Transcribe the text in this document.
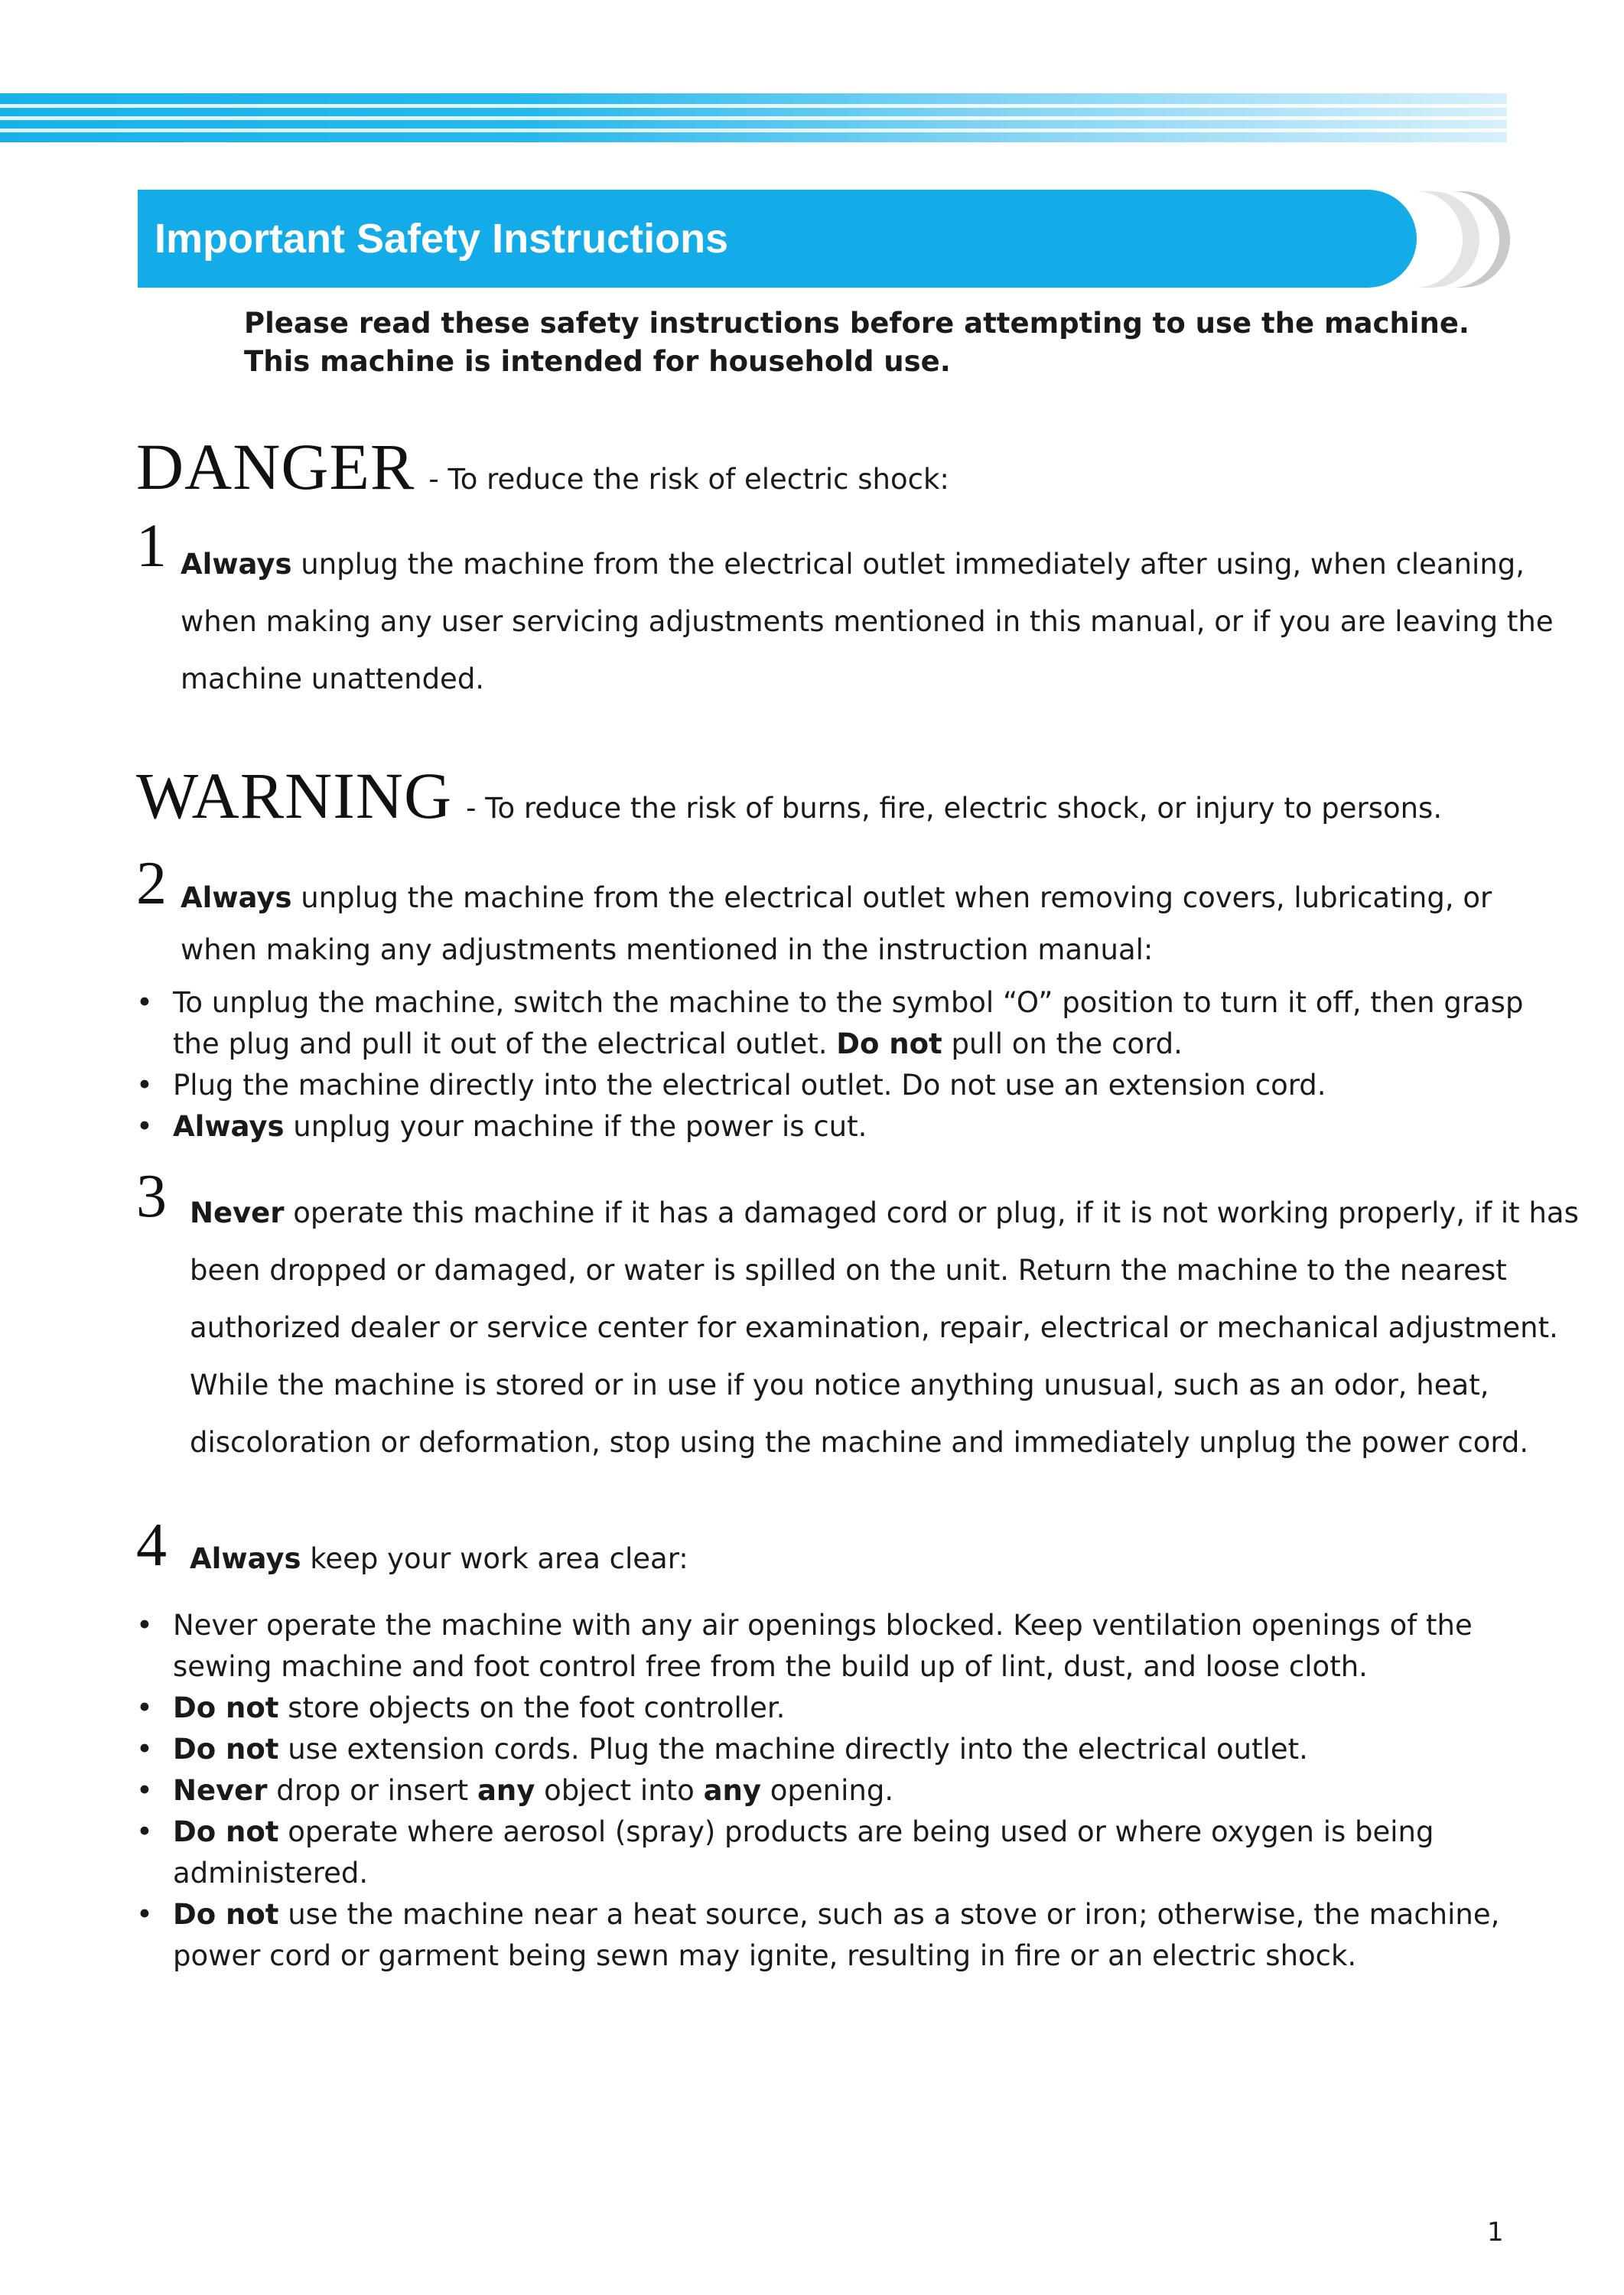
Important Safety Instructions
Please read these safety instructions before attempting to use the machine.
This machine is intended for household use.
DANGER - To reduce the risk of electric shock:
1 Always unplug the machine from the electrical outlet immediately after using, when cleaning,
when making any user servicing adjustments mentioned in this manual, or if you are leaving the
machine unattended.
WARNING - To reduce the risk of burns, fire, electric shock, or injury to persons.
2 Always unplug the machine from the electrical outlet when removing covers, lubricating, or
when making any adjustments mentioned in the instruction manual:
• To unplug the machine, switch the machine to the symbol “O” position to turn it off, then grasp
the plug and pull it out of the electrical outlet. Do not pull on the cord.
• Plug the machine directly into the electrical outlet. Do not use an extension cord.
• Always unplug your machine if the power is cut.
3 Never operate this machine if it has a damaged cord or plug, if it is not working properly, if it has
been dropped or damaged, or water is spilled on the unit. Return the machine to the nearest
authorized dealer or service center for examination, repair, electrical or mechanical adjustment.
While the machine is stored or in use if you notice anything unusual, such as an odor, heat,
discoloration or deformation, stop using the machine and immediately unplug the power cord.
4 Always keep your work area clear:
• Never operate the machine with any air openings blocked. Keep ventilation openings of the
sewing machine and foot control free from the build up of lint, dust, and loose cloth.
• Do not store objects on the foot controller.
• Do not use extension cords. Plug the machine directly into the electrical outlet.
• Never drop or insert any object into any opening.
• Do not operate where aerosol (spray) products are being used or where oxygen is being
administered.
• Do not use the machine near a heat source, such as a stove or iron; otherwise, the machine,
power cord or garment being sewn may ignite, resulting in fire or an electric shock.
1
